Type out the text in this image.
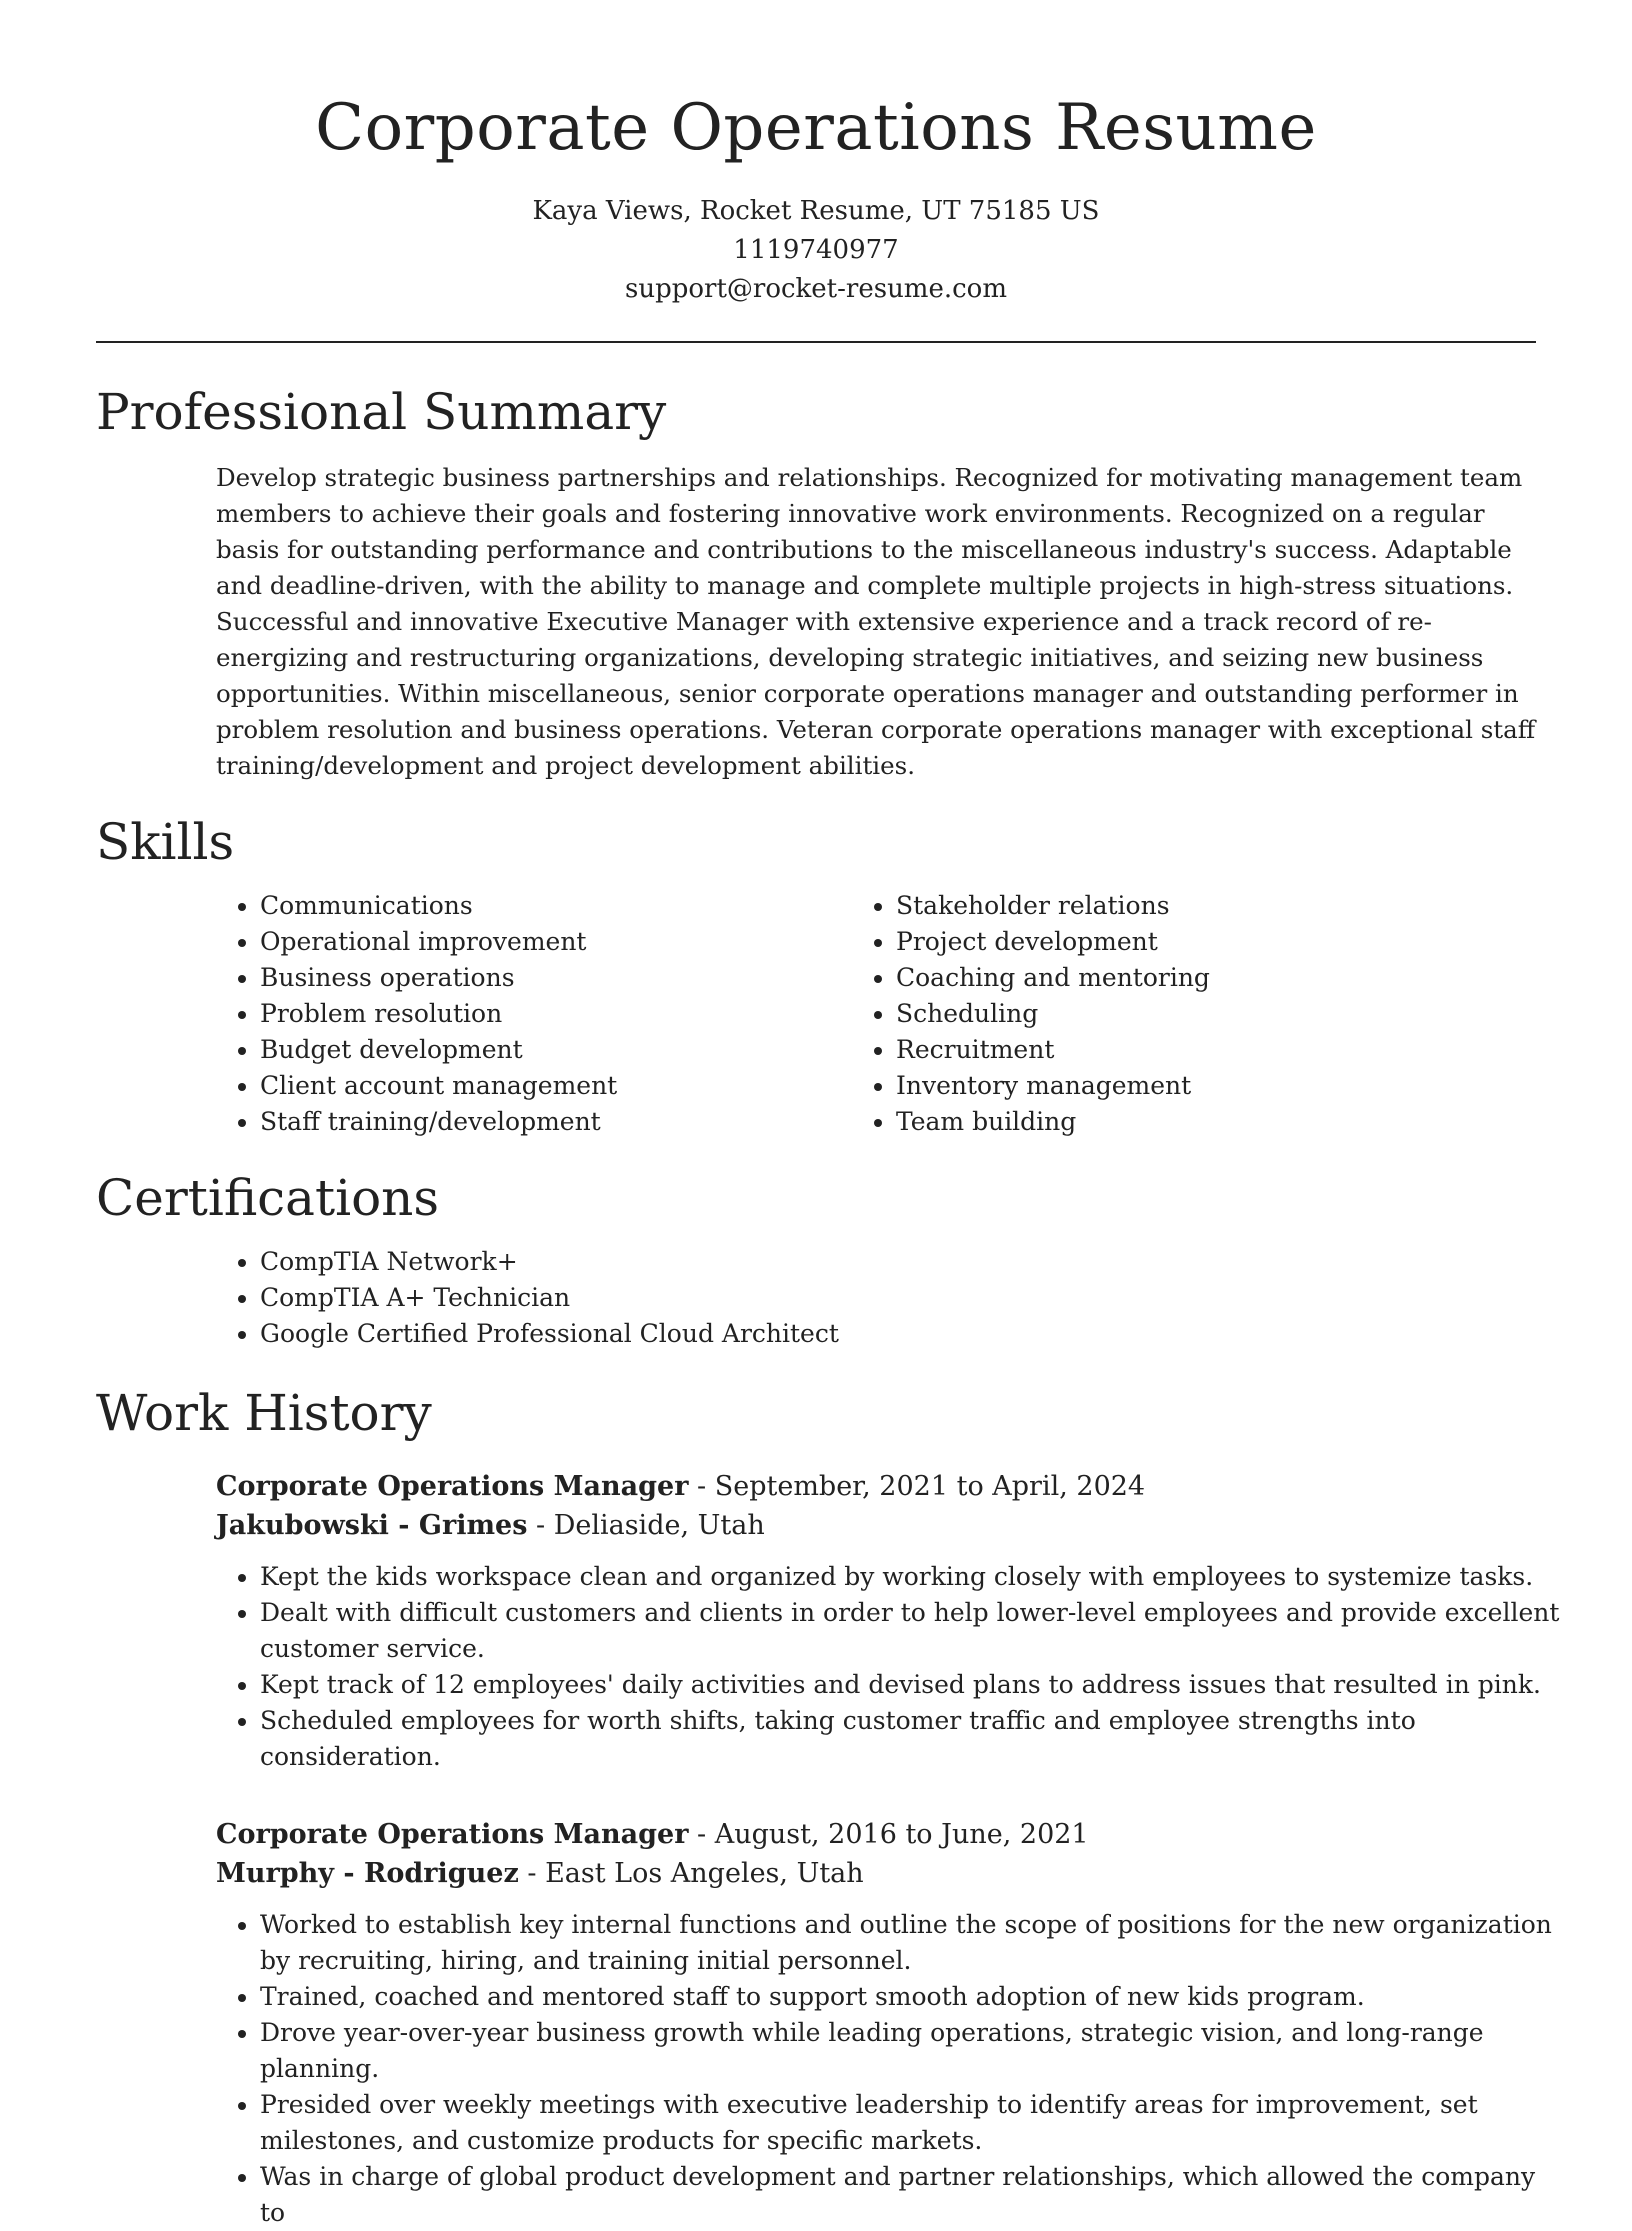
Corporate Operations Resume
Kaya Views, Rocket Resume, UT 75185 US
1119740977
support@rocket-resume.com
Professional Summary

Develop strategic business partnerships and relationships. Recognized for motivating management team members to achieve their goals and fostering innovative work environments. Recognized on a regular basis for outstanding performance and contributions to the miscellaneous industry's success. Adaptable and deadline-driven, with the ability to manage and complete multiple projects in high-stress situations. Successful and innovative Executive Manager with extensive experience and a track record of re-energizing and restructuring organizations, developing strategic initiatives, and seizing new business opportunities. Within miscellaneous, senior corporate operations manager and outstanding performer in problem resolution and business operations. Veteran corporate operations manager with exceptional staff training/development and project development abilities.

Skills
• Communications
• Operational improvement
• Business operations
• Problem resolution
• Budget development
• Client account management
• Staff training/development
• Stakeholder relations
• Project development
• Coaching and mentoring
• Scheduling
• Recruitment
• Inventory management
• Team building
Certifications
• CompTIA Network+
• CompTIA A+ Technician
• Google Certified Professional Cloud Architect
Work History
Corporate Operations Manager - September, 2021 to April, 2024
Jakubowski - Grimes - Deliaside, Utah
• Kept the kids workspace clean and organized by working closely with employees to systemize tasks.
• Dealt with difficult customers and clients in order to help lower-level employees and provide excellent customer service.
• Kept track of 12 employees' daily activities and devised plans to address issues that resulted in pink.
• Scheduled employees for worth shifts, taking customer traffic and employee strengths into consideration.
Corporate Operations Manager - August, 2016 to June, 2021
Murphy - Rodriguez - East Los Angeles, Utah
• Worked to establish key internal functions and outline the scope of positions for the new organization by recruiting, hiring, and training initial personnel.
• Trained, coached and mentored staff to support smooth adoption of new kids program.
• Drove year-over-year business growth while leading operations, strategic vision, and long-range planning.
• Presided over weekly meetings with executive leadership to identify areas for improvement, set milestones, and customize products for specific markets.
• Was in charge of global product development and partner relationships, which allowed the company to
